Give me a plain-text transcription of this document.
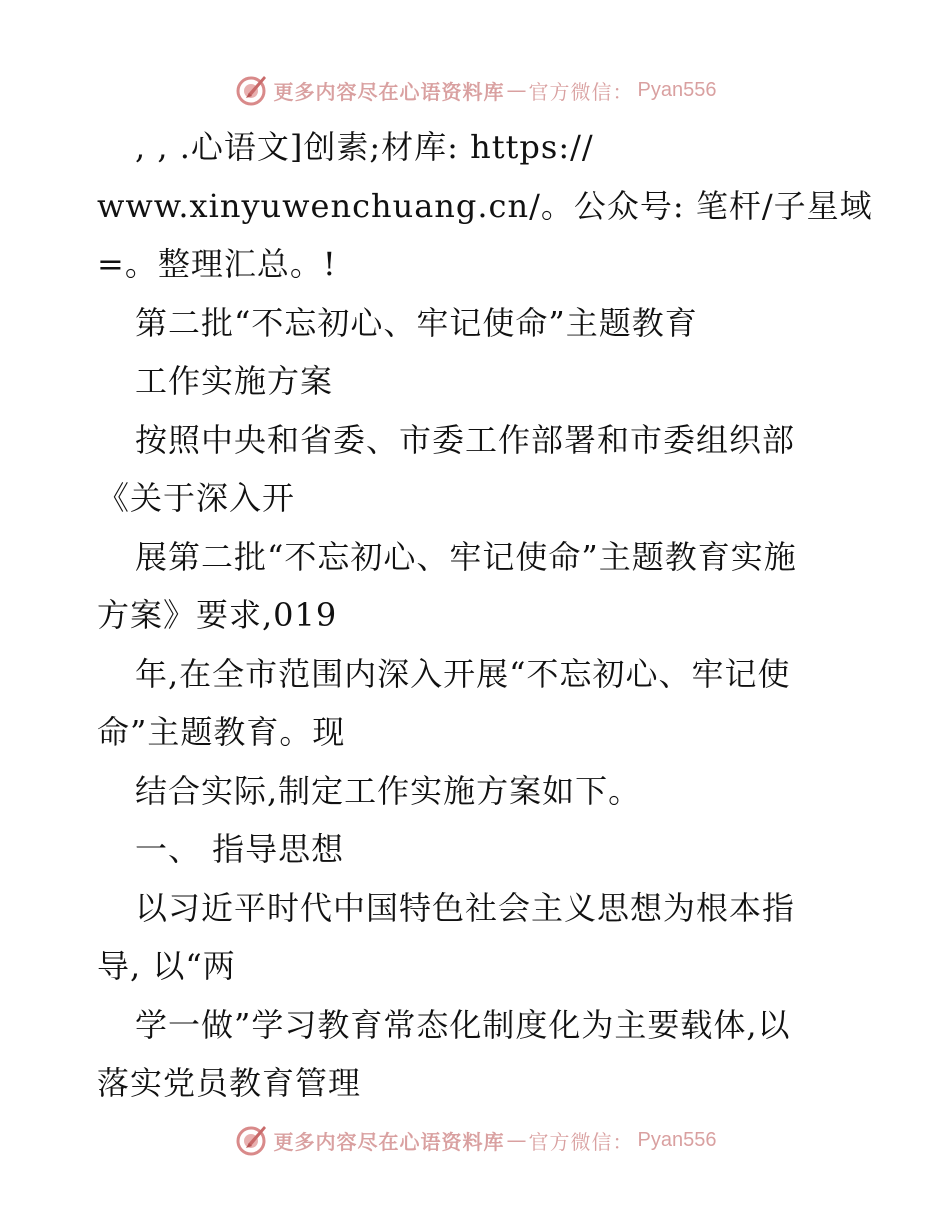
更多内容尽在心语资料库 — 官方微信： Pyan556
, , .心语文]创素;材库: https://
www.xinyuwenchuang.cn/。公众号: 笔杆/子星域
=。整理汇总。!
第二批“不忘初心、牢记使命”主题教育
工作实施方案
按照中央和省委、市委工作部署和市委组织部
《关于深入开
展第二批“不忘初心、牢记使命”主题教育实施
方案》要求,019
年,在全市范围内深入开展“不忘初心、牢记使
命”主题教育。现
结合实际,制定工作实施方案如下。
一、 指导思想
以习近平时代中国特色社会主义思想为根本指
导, 以“两
学一做”学习教育常态化制度化为主要载体,以
落实党员教育管理
更多内容尽在心语资料库 — 官方微信： Pyan556
